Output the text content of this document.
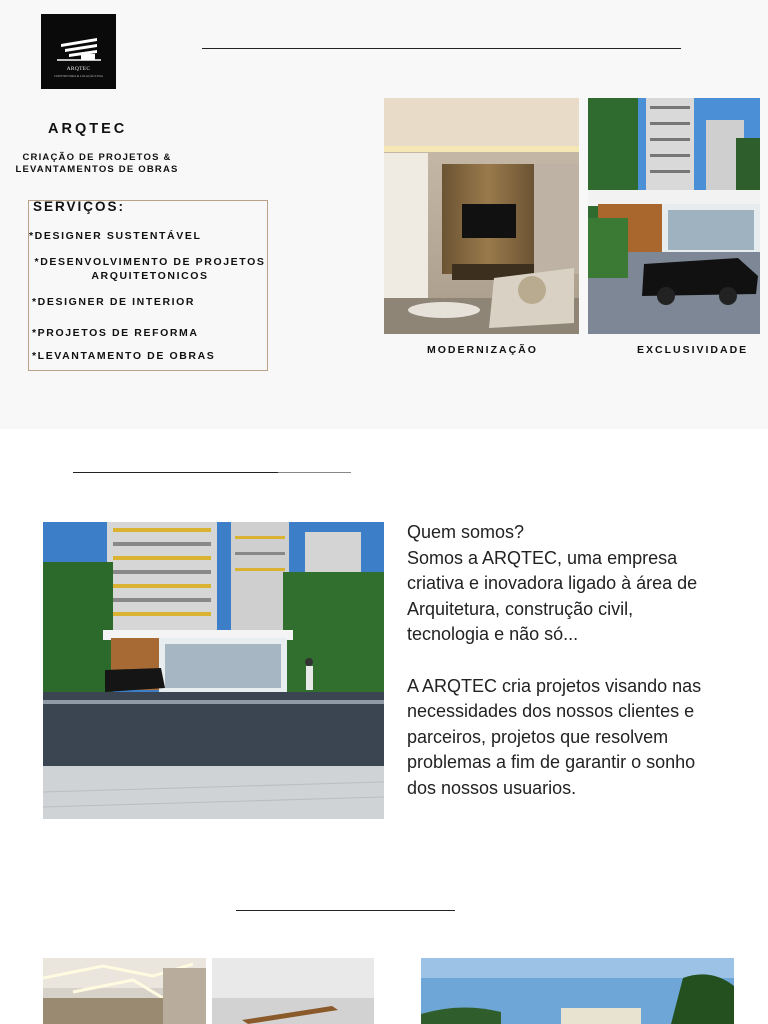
ARQTEC
CONSTRUTORA & LOCAÇÃO LTDA
ARQTEC
CRIAÇÃO DE PROJETOS &
LEVANTAMENTOS DE OBRAS
SERVIÇOS:
*DESIGNER SUSTENTÁVEL
*DESENVOLVIMENTO DE PROJETOS
ARQUITETONICOS
*DESIGNER DE INTERIOR
*PROJETOS DE REFORMA
*LEVANTAMENTO DE OBRAS	MODERNIZAÇÃO	EXCLUSIVIDADE

Quem somos?

Somos a ARQTEC, uma empresa

criativa e inovadora ligado à área de

Arquitetura, construção civil,

tecnologia e não só...

A ARQTEC cria projetos visando nas

necessidades dos nossos clientes e

parceiros, projetos que resolvem

problemas a fim de garantir o sonho

dos nossos usuarios.
